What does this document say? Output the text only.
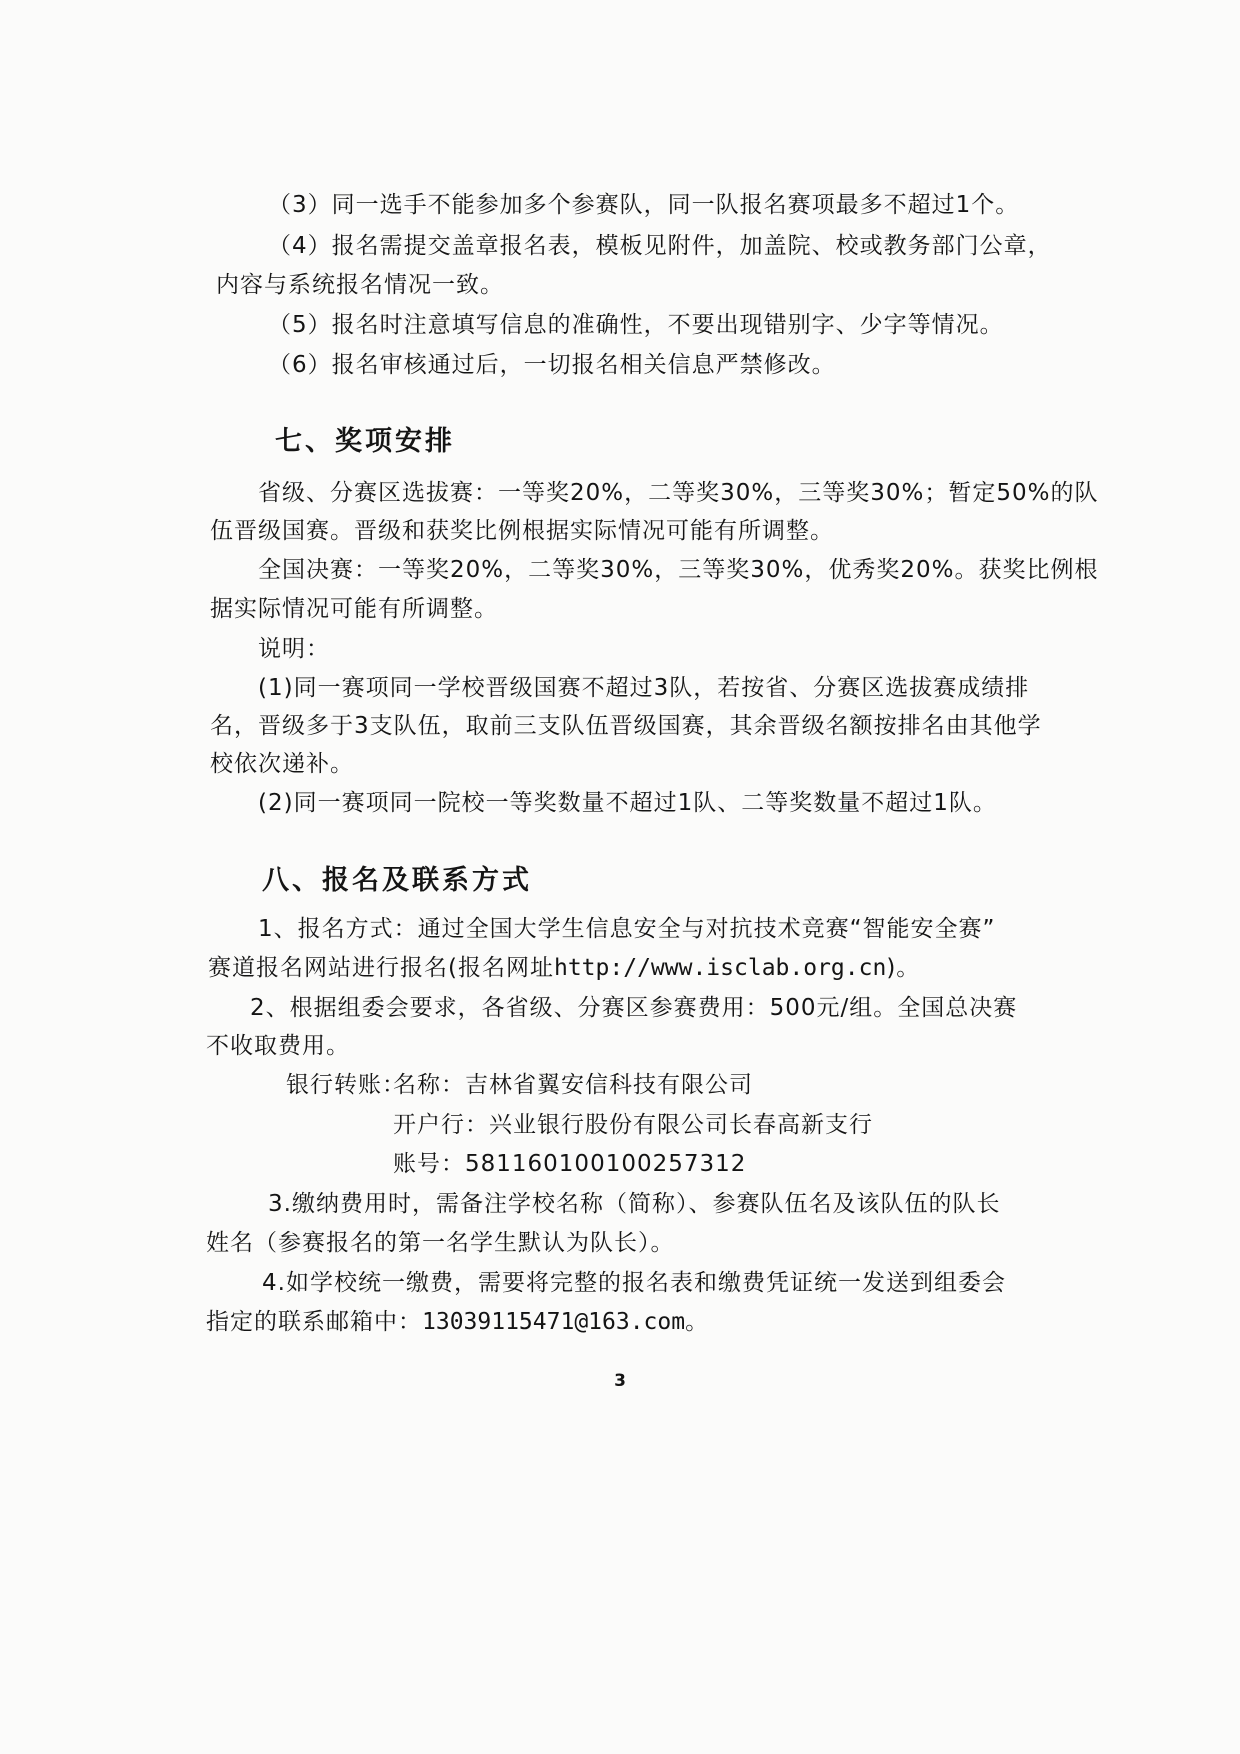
（3）同一选手不能参加多个参赛队，同一队报名赛项最多不超过1个。
（4）报名需提交盖章报名表，模板见附件，加盖院、校或教务部门公章，
内容与系统报名情况一致。
（5）报名时注意填写信息的准确性，不要出现错别字、少字等情况。
（6）报名审核通过后，一切报名相关信息严禁修改。
七、奖项安排
省级、分赛区选拔赛：一等奖20%，二等奖30%，三等奖30%；暂定50%的队
伍晋级国赛。晋级和获奖比例根据实际情况可能有所调整。
全国决赛：一等奖20%，二等奖30%，三等奖30%，优秀奖20%。获奖比例根
据实际情况可能有所调整。
说明：
(1)同一赛项同一学校晋级国赛不超过3队，若按省、分赛区选拔赛成绩排
名，晋级多于3支队伍，取前三支队伍晋级国赛，其余晋级名额按排名由其他学
校依次递补。
(2)同一赛项同一院校一等奖数量不超过1队、二等奖数量不超过1队。
八、报名及联系方式
1、报名方式：通过全国大学生信息安全与对抗技术竞赛“智能安全赛”
赛道报名网站进行报名(报名网址http://www.isclab.org.cn)。
2、根据组委会要求，各省级、分赛区参赛费用：500元/组。全国总决赛
不收取费用。
银行转账：
名称：吉林省翼安信科技有限公司
开户行：兴业银行股份有限公司长春高新支行
账号：581160100100257312
3.缴纳费用时，需备注学校名称（简称）、参赛队伍名及该队伍的队长
姓名（参赛报名的第一名学生默认为队长）。
4.如学校统一缴费，需要将完整的报名表和缴费凭证统一发送到组委会
指定的联系邮箱中：13039115471@163.com。
3
